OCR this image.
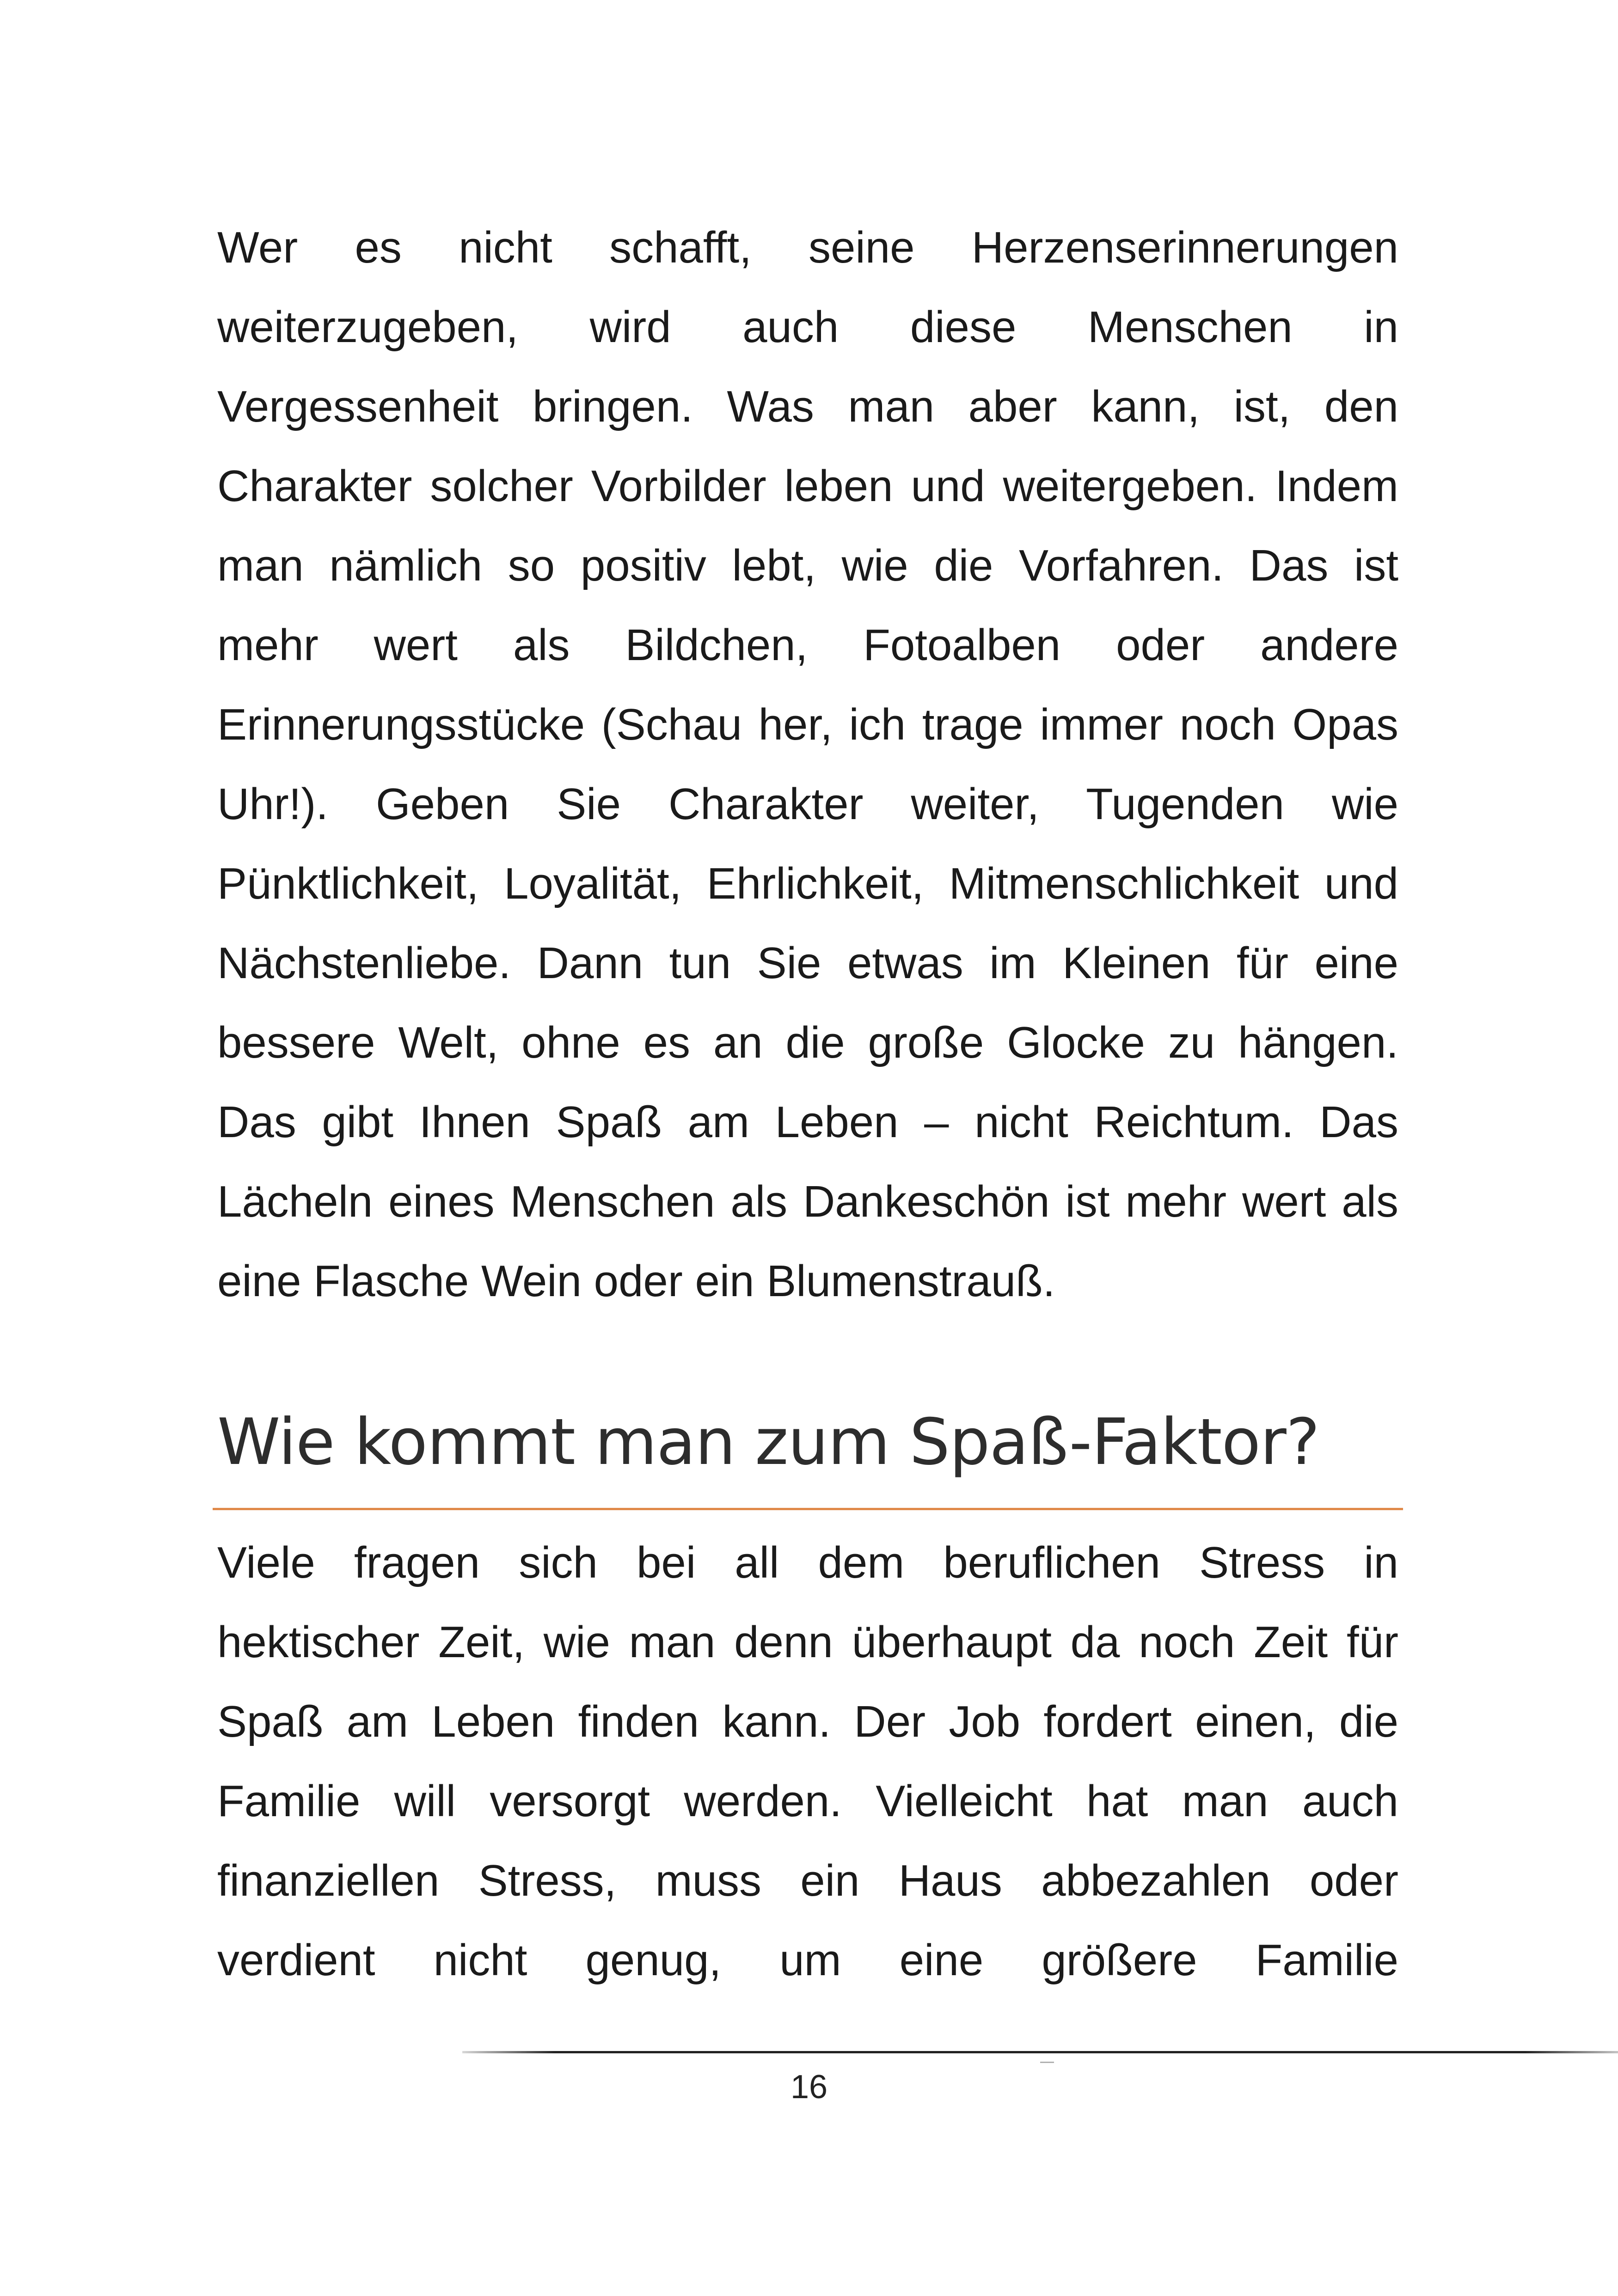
Wer es nicht schafft, seine Herzenserinnerungen
weiterzugeben, wird auch diese Menschen in
Vergessenheit bringen. Was man aber kann, ist, den
Charakter solcher Vorbilder leben und weitergeben. Indem
man nämlich so positiv lebt, wie die Vorfahren. Das ist
mehr wert als Bildchen, Fotoalben oder andere
Erinnerungsstücke (Schau her, ich trage immer noch Opas
Uhr!). Geben Sie Charakter weiter, Tugenden wie
Pünktlichkeit, Loyalität, Ehrlichkeit, Mitmenschlichkeit und
Nächstenliebe. Dann tun Sie etwas im Kleinen für eine
bessere Welt, ohne es an die große Glocke zu hängen.
Das gibt Ihnen Spaß am Leben – nicht Reichtum. Das
Lächeln eines Menschen als Dankeschön ist mehr wert als
eine Flasche Wein oder ein Blumenstrauß.
Wie kommt man zum Spaß-Faktor?
Viele fragen sich bei all dem beruflichen Stress in
hektischer Zeit, wie man denn überhaupt da noch Zeit für
Spaß am Leben finden kann. Der Job fordert einen, die
Familie will versorgt werden. Vielleicht hat man auch
finanziellen Stress, muss ein Haus abbezahlen oder
verdient nicht genug, um eine größere Familie
16
